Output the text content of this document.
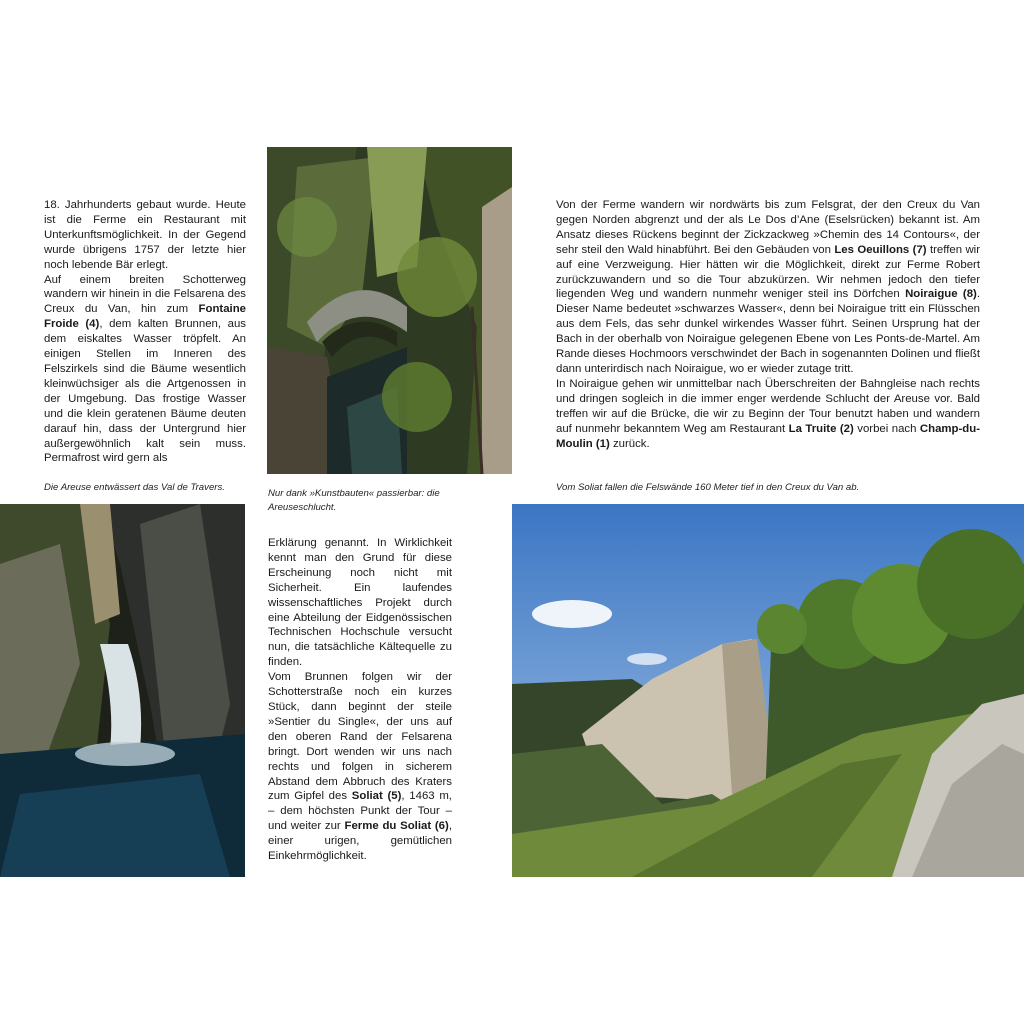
18. Jahrhunderts gebaut wurde. Heute ist die Ferme ein Restaurant mit Unterkunftsmöglichkeit. In der Gegend wurde übrigens 1757 der letzte hier noch lebende Bär erlegt.

Auf einem breiten Schotterweg wandern wir hinein in die Felsarena des Creux du Van, hin zum Fontaine Froide (4), dem kalten Brunnen, aus dem eiskaltes Wasser tröpfelt. An einigen Stellen im Inneren des Felszirkels sind die Bäume wesentlich kleinwüchsiger als die Artgenossen in der Umgebung. Das frostige Wasser und die klein geratenen Bäume deuten darauf hin, dass der Untergrund hier außergewöhnlich kalt sein muss. Permafrost wird gern als

Erklärung genannt. In Wirklichkeit kennt man den Grund für diese Erscheinung noch nicht mit Sicherheit. Ein laufendes wissenschaftliches Projekt durch eine Abteilung der Eidgenössischen Technischen Hochschule versucht nun, die tatsächliche Kältequelle zu finden.

Vom Brunnen folgen wir der Schotterstraße noch ein kurzes Stück, dann beginnt der steile »Sentier du Single«, der uns auf den oberen Rand der Felsarena bringt. Dort wenden wir uns nach rechts und folgen in sicherem Abstand dem Abbruch des Kraters zum Gipfel des Soliat (5), 1463 m, – dem höchsten Punkt der Tour – und weiter zur Ferme du Soliat (6), einer urigen, gemütlichen Einkehrmöglichkeit.

Von der Ferme wandern wir nordwärts bis zum Felsgrat, der den Creux du Van gegen Norden abgrenzt und der als Le Dos d’Ane (Eselsrücken) bekannt ist. Am Ansatz dieses Rückens beginnt der Zickzackweg »Chemin des 14 Contours«, der sehr steil den Wald hinabführt. Bei den Gebäuden von Les Oeuillons (7) treffen wir auf eine Verzweigung. Hier hätten wir die Möglichkeit, direkt zur Ferme Robert zurückzuwandern und so die Tour abzukürzen. Wir nehmen jedoch den tiefer liegenden Weg und wandern nunmehr weniger steil ins Dörfchen Noiraigue (8). Dieser Name bedeutet »schwarzes Wasser«, denn bei Noiraigue tritt ein Flüsschen aus dem Fels, das sehr dunkel wirkendes Wasser führt. Seinen Ursprung hat der Bach in der oberhalb von Noiraigue gelegenen Ebene von Les Ponts-de-Martel. Am Rande dieses Hochmoors verschwindet der Bach in sogenannten Dolinen und fließt dann unterirdisch nach Noiraigue, wo er wieder zutage tritt.

In Noiraigue gehen wir unmittelbar nach Überschreiten der Bahngleise nach rechts und dringen sogleich in die immer enger werdende Schlucht der Areuse vor. Bald treffen wir auf die Brücke, die wir zu Beginn der Tour benutzt haben und wandern auf nunmehr bekanntem Weg am Restaurant La Truite (2) vorbei nach Champ-du-Moulin (1) zurück.

Die Areuse entwässert das Val de Travers.
Nur dank »Kunstbauten« passierbar: die Areuseschlucht.
Vom Soliat fallen die Felswände 160 Meter tief in den Creux du Van ab.
